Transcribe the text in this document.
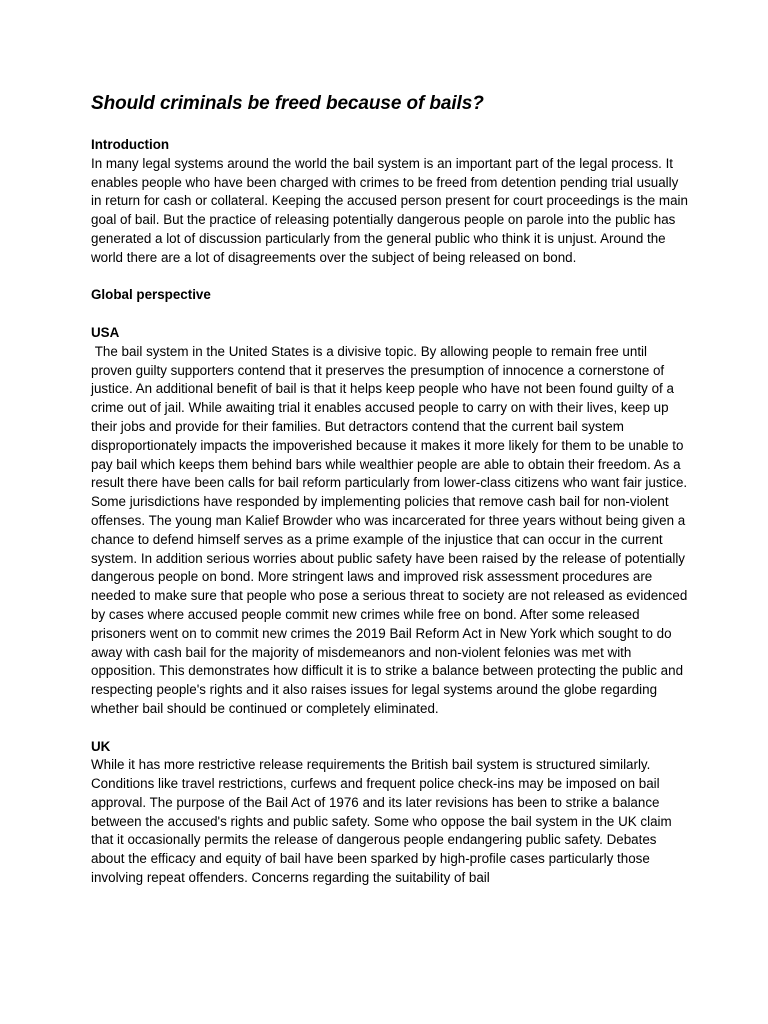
Should criminals be freed because of bails?
Introduction

In many legal systems around the world the bail system is an important part of the legal process. It enables people who have been charged with crimes to be freed from detention pending trial usually in return for cash or collateral. Keeping the accused person present for court proceedings is the main goal of bail. But the practice of releasing potentially dangerous people on parole into the public has generated a lot of discussion particularly from the general public who think it is unjust. Around the world there are a lot of disagreements over the subject of being released on bond.

Global perspective
USA

The bail system in the United States is a divisive topic. By allowing people to remain free until proven guilty supporters contend that it preserves the presumption of innocence a cornerstone of justice. An additional benefit of bail is that it helps keep people who have not been found guilty of a crime out of jail. While awaiting trial it enables accused people to carry on with their lives, keep up their jobs and provide for their families. But detractors contend that the current bail system disproportionately impacts the impoverished because it makes it more likely for them to be unable to pay bail which keeps them behind bars while wealthier people are able to obtain their freedom. As a result there have been calls for bail reform particularly from lower-class citizens who want fair justice. Some jurisdictions have responded by implementing policies that remove cash bail for non-violent offenses. The young man Kalief Browder who was incarcerated for three years without being given a chance to defend himself serves as a prime example of the injustice that can occur in the current system. In addition serious worries about public safety have been raised by the release of potentially dangerous people on bond. More stringent laws and improved risk assessment procedures are needed to make sure that people who pose a serious threat to society are not released as evidenced by cases where accused people commit new crimes while free on bond. After some released prisoners went on to commit new crimes the 2019 Bail Reform Act in New York which sought to do away with cash bail for the majority of misdemeanors and non-violent felonies was met with opposition. This demonstrates how difficult it is to strike a balance between protecting the public and respecting people's rights and it also raises issues for legal systems around the globe regarding whether bail should be continued or completely eliminated.

UK

While it has more restrictive release requirements the British bail system is structured similarly. Conditions like travel restrictions, curfews and frequent police check-ins may be imposed on bail approval. The purpose of the Bail Act of 1976 and its later revisions has been to strike a balance between the accused's rights and public safety. Some who oppose the bail system in the UK claim that it occasionally permits the release of dangerous people endangering public safety. Debates about the efficacy and equity of bail have been sparked by high-profile cases particularly those involving repeat offenders. Concerns regarding the suitability of bail
